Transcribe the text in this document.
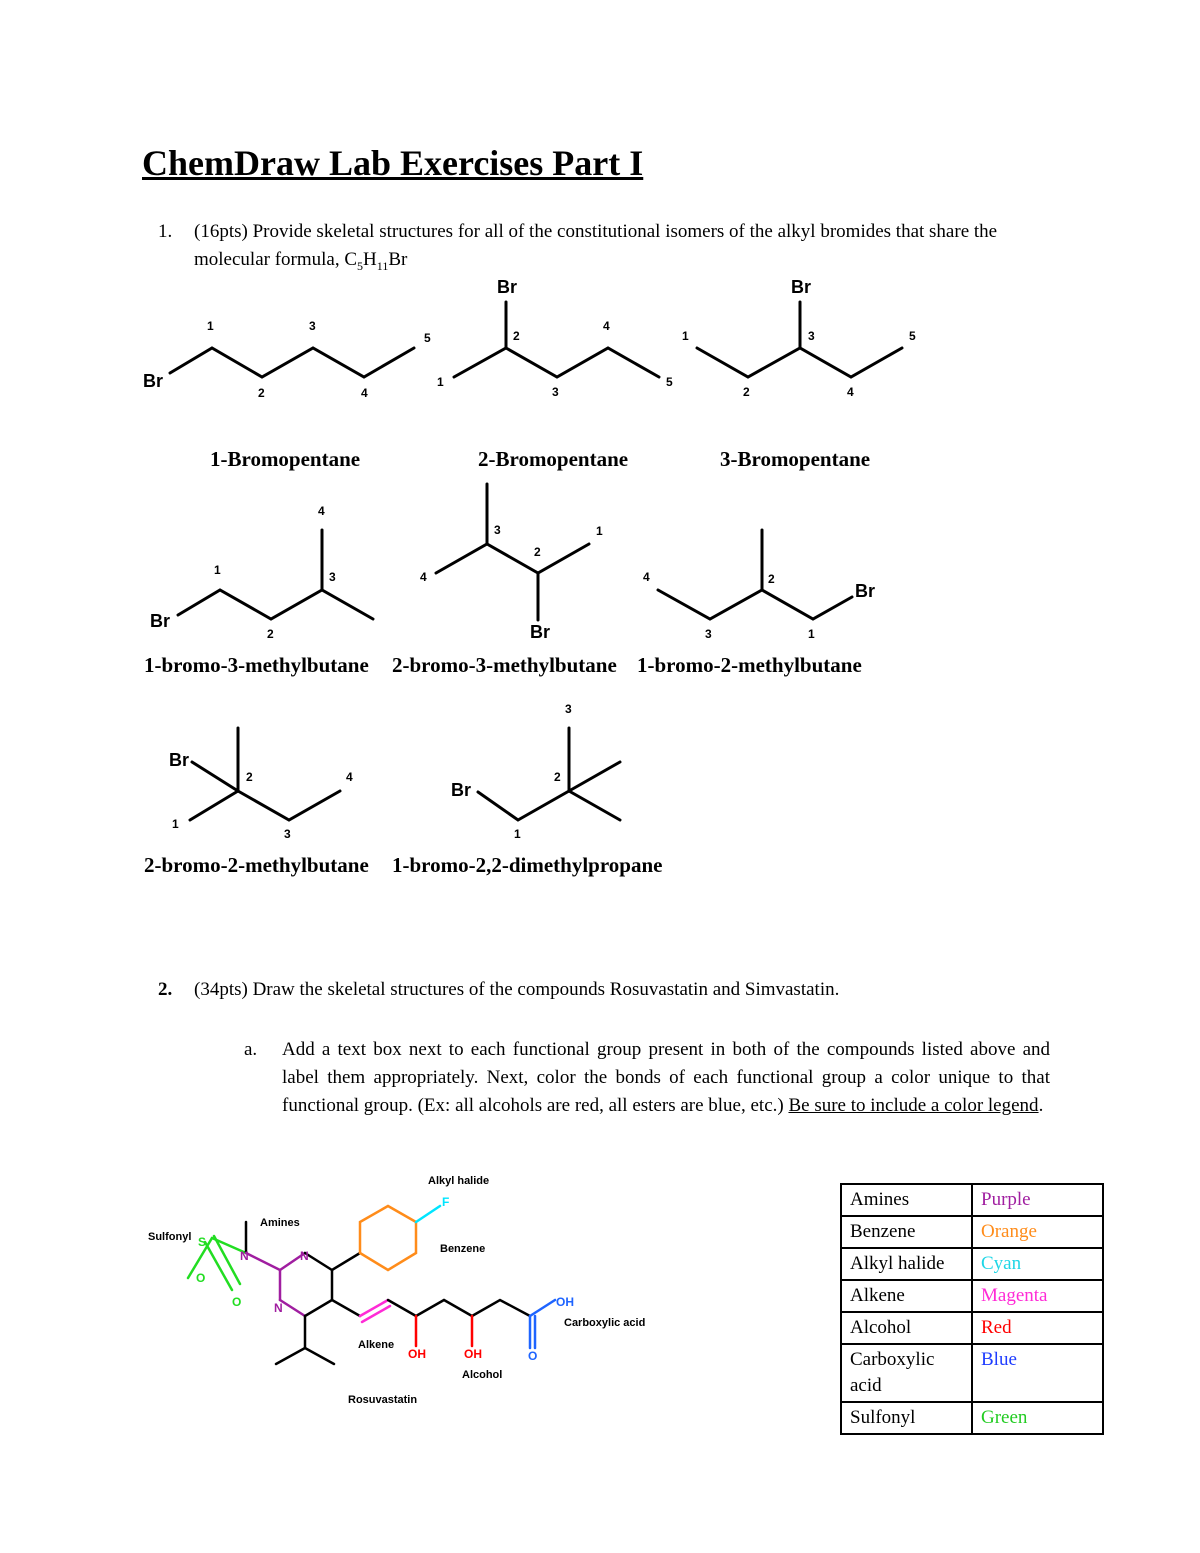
ChemDraw Lab Exercises Part I
1. (16pts) Provide skeletal structures for all of the constitutional isomers of the alkyl bromides that share the molecular formula, $C_5H_{11}Br$
Br
Br	Br
Br
Br
Br
Br
Br
1
2
3
4
5
1
2
3
4
5
1
2
3
4
5
1
2
3
4
1
2
3
4
1
2
3
4
1
2
3
4
1
2
3
1-Bromopentane	2-Bromopentane	3-Bromopentane
1-bromo-3-methylbutane 2-bromo-3-methylbutane 1-bromo-2-methylbutane
2-bromo-2-methylbutane 1-bromo-2,2-dimethylpropane
2. (34pts) Draw the skeletal structures of the compounds Rosuvastatin and Simvastatin.
a. Add a text box next to each functional group present in both of the compounds listed above and label them appropriately. Next, color the bonds of each functional group a color unique to that functional group. (Ex: all alcohols are red, all esters are blue, etc.) Be sure to include a color legend.
S
O
O
N	N
N
F
OH	OH
OH
O
Sulfonyl
Amines
Alkyl halide
Benzene
Alkene
Alcohol
Carboxylic acid
Rosuvastatin
Amines	Purple
Benzene	Orange
Alkyl halide	Cyan
Alkene	Magenta
Alcohol	Red
Carboxylic acid	Blue
Sulfonyl	Green
